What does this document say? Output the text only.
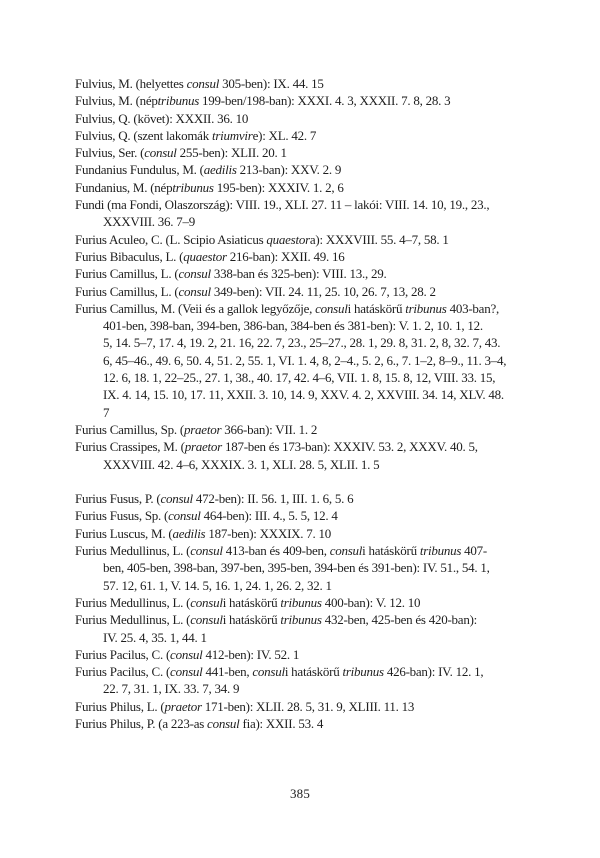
Fulvius, M. (helyettes consul 305-ben): IX. 44. 15

Fulvius, M. (néptribunus 199-ben/198-ban): XXXI. 4. 3, XXXII. 7. 8, 28. 3

Fulvius, Q. (követ): XXXII. 36. 10

Fulvius, Q. (szent lakomák triumvire): XL. 42. 7

Fulvius, Ser. (consul 255-ben): XLII. 20. 1

Fundanius Fundulus, M. (aedilis 213-ban): XXV. 2. 9

Fundanius, M. (néptribunus 195-ben): XXXIV. 1. 2, 6

Fundi (ma Fondi, Olaszország): VIII. 19., XLI. 27. 11 – lakói: VIII. 14. 10, 19., 23.,
XXXVIII. 36. 7–9

Furius Aculeo, C. (L. Scipio Asiaticus quaestora): XXXVIII. 55. 4–7, 58. 1

Furius Bibaculus, L. (quaestor 216-ban): XXII. 49. 16

Furius Camillus, L. (consul 338-ban és 325-ben): VIII. 13., 29.

Furius Camillus, L. (consul 349-ben): VII. 24. 11, 25. 10, 26. 7, 13, 28. 2

Furius Camillus, M. (Veii és a gallok legyőzője, consuli hatáskörű tribunus 403-ban?,
401-ben, 398-ban, 394-ben, 386-ban, 384-ben és 381-ben): V. 1. 2, 10. 1, 12.
5, 14. 5–7, 17. 4, 19. 2, 21. 16, 22. 7, 23., 25–27., 28. 1, 29. 8, 31. 2, 8, 32. 7, 43.
6, 45–46., 49. 6, 50. 4, 51. 2, 55. 1, VI. 1. 4, 8, 2–4., 5. 2, 6., 7. 1–2, 8–9., 11. 3–4,
12. 6, 18. 1, 22–25., 27. 1, 38., 40. 17, 42. 4–6, VII. 1. 8, 15. 8, 12, VIII. 33. 15,
IX. 4. 14, 15. 10, 17. 11, XXII. 3. 10, 14. 9, XXV. 4. 2, XXVIII. 34. 14, XLV. 48.
7

Furius Camillus, Sp. (praetor 366-ban): VII. 1. 2

Furius Crassipes, M. (praetor 187-ben és 173-ban): XXXIV. 53. 2, XXXV. 40. 5,
XXXVIII. 42. 4–6, XXXIX. 3. 1, XLI. 28. 5, XLII. 1. 5

Furius Fusus, P. (consul 472-ben): II. 56. 1, III. 1. 6, 5. 6

Furius Fusus, Sp. (consul 464-ben): III. 4., 5. 5, 12. 4

Furius Luscus, M. (aedilis 187-ben): XXXIX. 7. 10

Furius Medullinus, L. (consul 413-ban és 409-ben, consuli hatáskörű tribunus 407-
ben, 405-ben, 398-ban, 397-ben, 395-ben, 394-ben és 391-ben): IV. 51., 54. 1,
57. 12, 61. 1, V. 14. 5, 16. 1, 24. 1, 26. 2, 32. 1

Furius Medullinus, L. (consuli hatáskörű tribunus 400-ban): V. 12. 10

Furius Medullinus, L. (consuli hatáskörű tribunus 432-ben, 425-ben és 420-ban):
IV. 25. 4, 35. 1, 44. 1

Furius Pacilus, C. (consul 412-ben): IV. 52. 1

Furius Pacilus, C. (consul 441-ben, consuli hatáskörű tribunus 426-ban): IV. 12. 1,
22. 7, 31. 1, IX. 33. 7, 34. 9

Furius Philus, L. (praetor 171-ben): XLII. 28. 5, 31. 9, XLIII. 11. 13

Furius Philus, P. (a 223-as consul fia): XXII. 53. 4

385
